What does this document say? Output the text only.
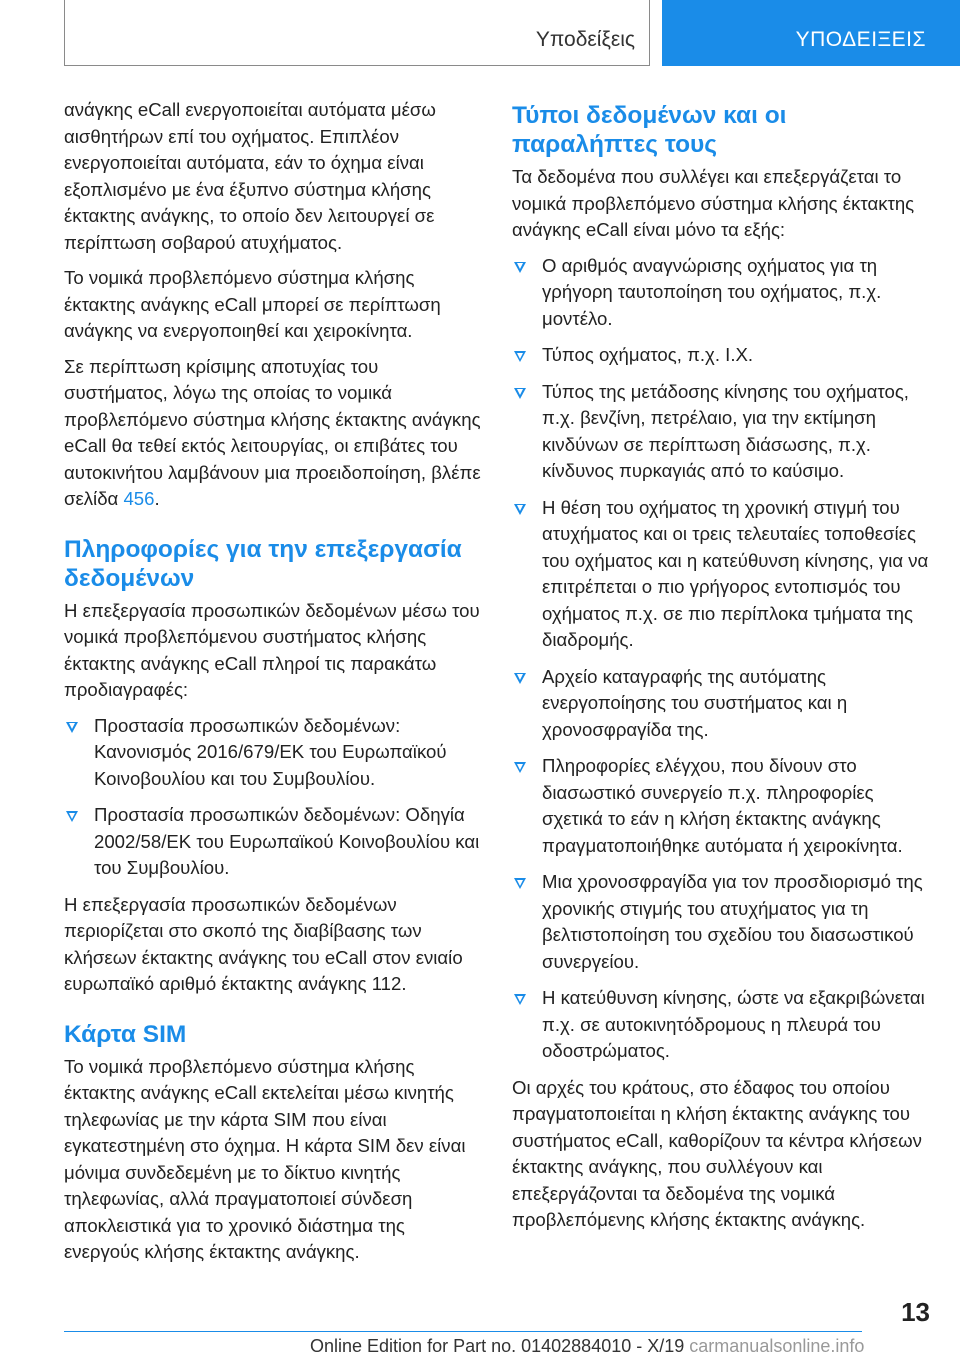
Υποδείξεις	ΥΠΟΔΕΙΞΕΙΣ

ανάγκης eCall ενεργοποιείται αυτόματα μέσω αισθητήρων επί του οχήματος. Επιπλέον ενεργοποιείται αυτόματα, εάν το όχημα είναι εξοπλισμένο με ένα έξυπνο σύστημα κλήσης έκτακτης ανάγκης, το οποίο δεν λειτουργεί σε περίπτωση σοβαρού ατυχήματος.

Το νομικά προβλεπόμενο σύστημα κλήσης έκτακτης ανάγκης eCall μπορεί σε περίπτωση ανάγκης να ενεργοποιηθεί και χειροκίνητα.

Σε περίπτωση κρίσιμης αποτυχίας του συστήματος, λόγω της οποίας το νομικά προβλεπόμενο σύστημα κλήσης έκτακτης ανάγκης eCall θα τεθεί εκτός λειτουργίας, οι επιβάτες του αυτοκινήτου λαμβάνουν μια προειδοποίηση, βλέπε σελίδα 456.

Πληροφορίες για την επεξεργασία δεδομένων

Η επεξεργασία προσωπικών δεδομένων μέσω του νομικά προβλεπόμενου συστήματος κλήσης έκτακτης ανάγκης eCall πληροί τις παρακάτω προδιαγραφές:

Προστασία προσωπικών δεδομένων: Κανονισμός 2016/679/ΕΚ του Ευρωπαϊκού Κοινοβουλίου και του Συμβουλίου.
Προστασία προσωπικών δεδομένων: Οδηγία 2002/58/ΕΚ του Ευρωπαϊκού Κοινοβουλίου και του Συμβουλίου.

Η επεξεργασία προσωπικών δεδομένων περιορίζεται στο σκοπό της διαβίβασης των κλήσεων έκτακτης ανάγκης του eCall στον ενιαίο ευρωπαϊκό αριθμό έκτακτης ανάγκης 112.

Κάρτα SIM

Το νομικά προβλεπόμενο σύστημα κλήσης έκτακτης ανάγκης eCall εκτελείται μέσω κινητής τηλεφωνίας με την κάρτα SIM που είναι εγκατεστημένη στο όχημα. Η κάρτα SIM δεν είναι μόνιμα συνδεδεμένη με το δίκτυο κινητής τηλεφωνίας, αλλά πραγματοποιεί σύνδεση αποκλειστικά για το χρονικό διάστημα της ενεργούς κλήσης έκτακτης ανάγκης.

Τύποι δεδομένων και οι παραλήπτες τους

Τα δεδομένα που συλλέγει και επεξεργάζεται το νομικά προβλεπόμενο σύστημα κλήσης έκτακτης ανάγκης eCall είναι μόνο τα εξής:

Ο αριθμός αναγνώρισης οχήματος για τη γρήγορη ταυτοποίηση του οχήματος, π.χ. μοντέλο.
Τύπος οχήματος, π.χ. Ι.Χ.
Τύπος της μετάδοσης κίνησης του οχήματος, π.χ. βενζίνη, πετρέλαιο, για την εκτίμηση κινδύνων σε περίπτωση διάσωσης, π.χ. κίνδυνος πυρκαγιάς από το καύσιμο.
Η θέση του οχήματος τη χρονική στιγμή του ατυχήματος και οι τρεις τελευταίες τοποθεσίες του οχήματος και η κατεύθυνση κίνησης, για να επιτρέπεται ο πιο γρήγορος εντοπισμός του οχήματος π.χ. σε πιο περίπλοκα τμήματα της διαδρομής.
Αρχείο καταγραφής της αυτόματης ενεργοποίησης του συστήματος και η χρονοσφραγίδα της.
Πληροφορίες ελέγχου, που δίνουν στο διασωστικό συνεργείο π.χ. πληροφορίες σχετικά το εάν η κλήση έκτακτης ανάγκης πραγματοποιήθηκε αυτόματα ή χειροκίνητα.
Μια χρονοσφραγίδα για τον προσδιορισμό της χρονικής στιγμής του ατυχήματος για τη βελτιστοποίηση του σχεδίου του διασωστικού συνεργείου.
Η κατεύθυνση κίνησης, ώστε να εξακριβώνεται π.χ. σε αυτοκινητόδρομους η πλευρά του οδοστρώματος.

Οι αρχές του κράτους, στο έδαφος του οποίου πραγματοποιείται η κλήση έκτακτης ανάγκης του συστήματος eCall, καθορίζουν τα κέντρα κλήσεων έκτακτης ανάγκης, που συλλέγουν και επεξεργάζονται τα δεδομένα της νομικά προβλεπόμενης κλήσης έκτακτης ανάγκης.

13
Online Edition for Part no. 01402884010 - X/19 carmanualsonline.info
